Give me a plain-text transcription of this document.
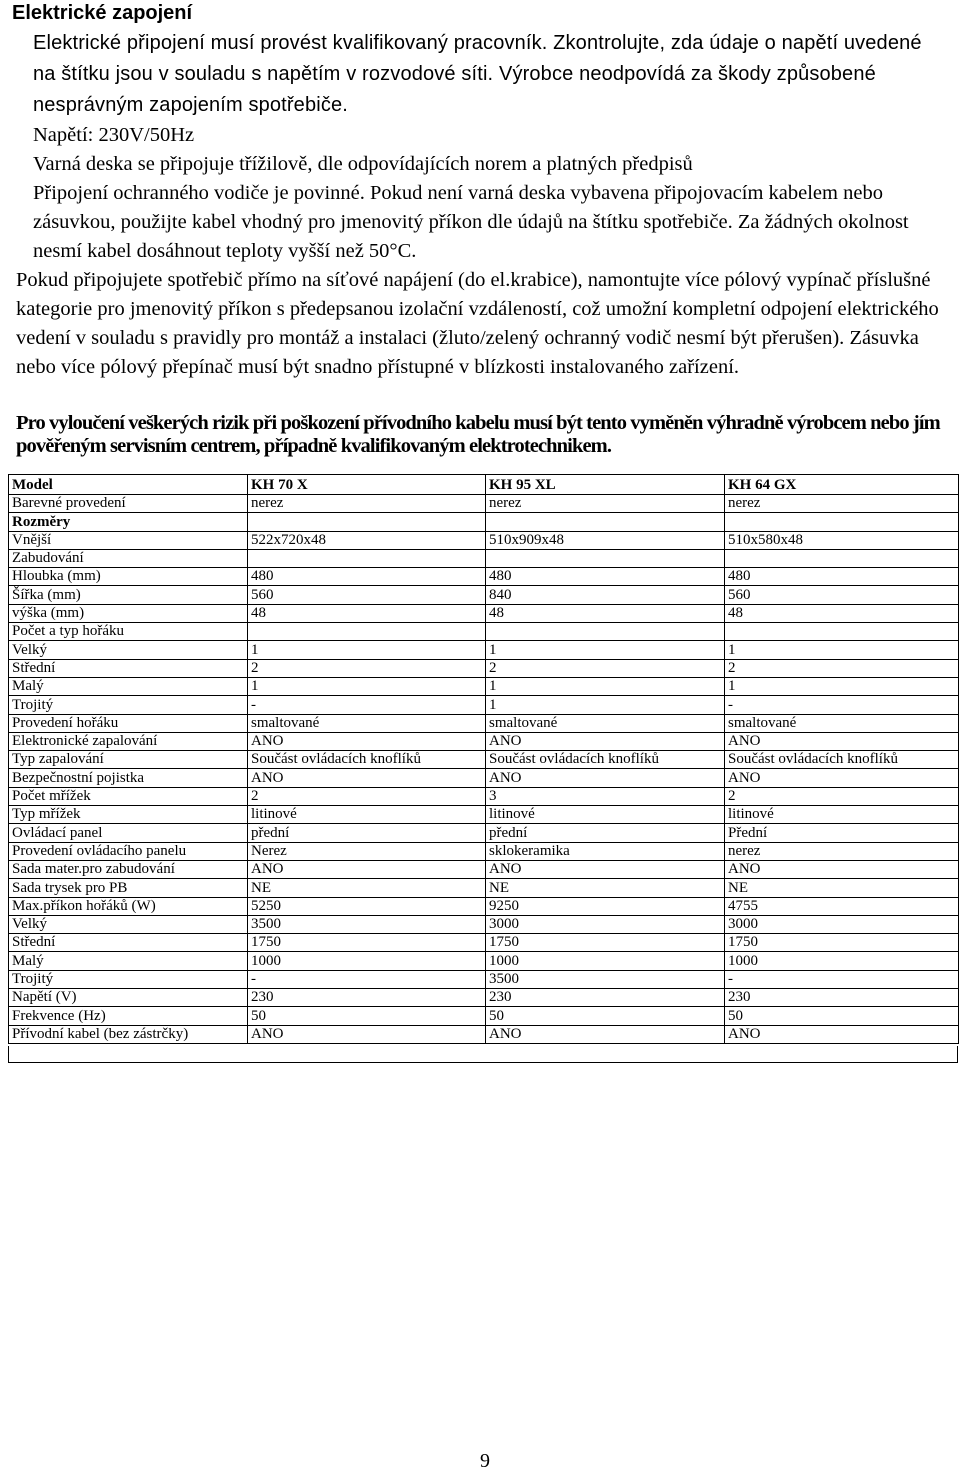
Elektrické zapojení

Elektrické připojení musí provést kvalifikovaný pracovník. Zkontrolujte, zda údaje o napětí uvedené na štítku jsou v souladu s napětím v rozvodové síti. Výrobce neodpovídá za škody způsobené nesprávným zapojením spotřebiče.

Napětí: 230V/50Hz

Varná deska se připojuje třížilově, dle odpovídajících norem a platných předpisů

Připojení ochranného vodiče je povinné. Pokud není varná deska vybavena připojovacím kabelem nebo zásuvkou, použijte kabel vhodný pro jmenovitý příkon dle údajů na štítku spotřebiče. Za žádných okolnost nesmí kabel dosáhnout teploty vyšší než 50°C.

Pokud připojujete spotřebič přímo na síťové napájení (do el.krabice), namontujte více pólový vypínač příslušné kategorie pro jmenovitý příkon s předepsanou izolační vzdáleností, což umožní kompletní odpojení elektrického vedení v souladu s pravidly pro montáž a instalaci (žluto/zelený ochranný vodič nesmí být přerušen). Zásuvka nebo více pólový přepínač musí být snadno přístupné v blízkosti instalovaného zařízení.

Pro vyloučení veškerých rizik při poškození přívodního kabelu musí být tento vyměněn výhradně výrobcem nebo jím pověřeným servisním centrem, případně kvalifikovaným elektrotechnikem.

Model	KH 70 X	KH 95 XL	KH 64 GX
Barevné provedení	nerez	nerez	nerez
Rozměry			
Vnější	522x720x48	510x909x48	510x580x48
Zabudování			
Hloubka (mm)	480	480	480
Šířka (mm)	560	840	560
výška (mm)	48	48	48
Počet a typ hořáku			
Velký	1	1	1
Střední	2	2	2
Malý	1	1	1
Trojitý	-	1	-
Provedení hořáku	smaltované	smaltované	smaltované
Elektronické zapalování	ANO	ANO	ANO
Typ zapalování	Součást ovládacích knoflíků	Součást ovládacích knoflíků	Součást ovládacích knoflíků
Bezpečnostní pojistka	ANO	ANO	ANO
Počet mřížek	2	3	2
Typ mřížek	litinové	litinové	litinové
Ovládací panel	přední	přední	Přední
Provedení ovládacího panelu	Nerez	sklokeramika	nerez
Sada mater.pro zabudování	ANO	ANO	ANO
Sada trysek pro PB	NE	NE	NE
Max.příkon hořáků (W)	5250	9250	4755
Velký	3500	3000	3000
Střední	1750	1750	1750
Malý	1000	1000	1000
Trojitý	-	3500	-
Napětí (V)	230	230	230
Frekvence (Hz)	50	50	50
Přívodní kabel (bez zástrčky)	ANO	ANO	ANO
9
